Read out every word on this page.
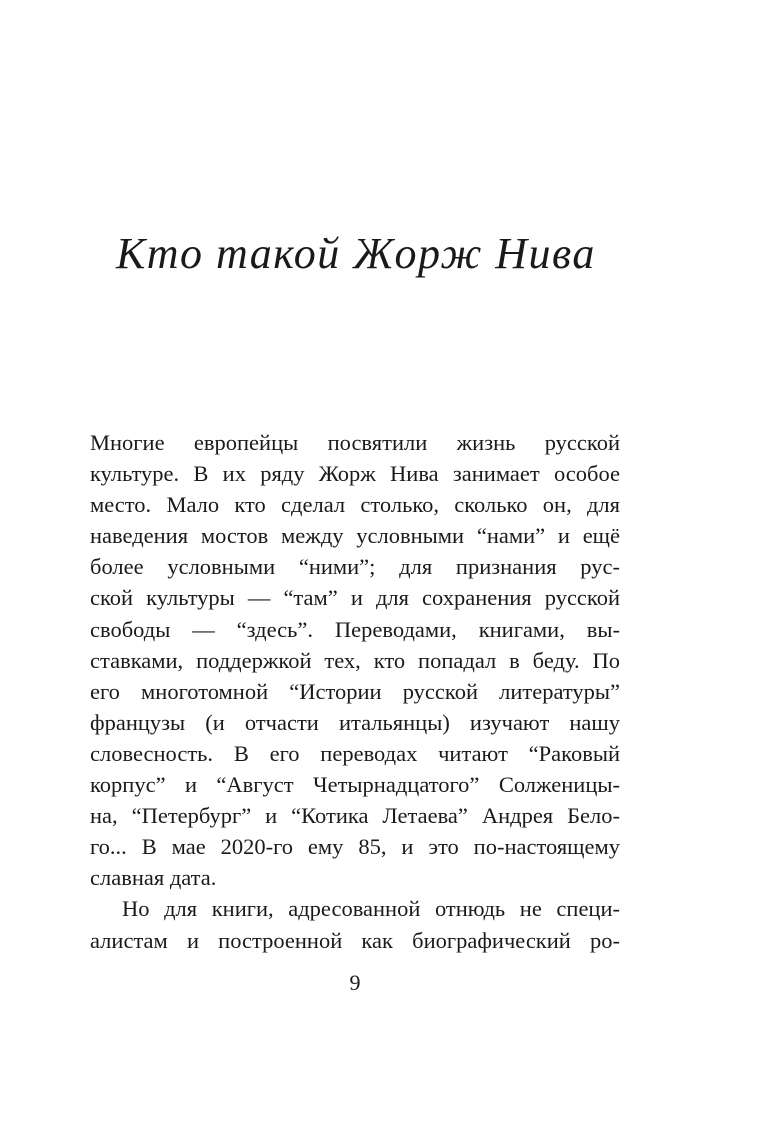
Кто такой Жорж Нива
Многие европейцы посвятили жизнь русской
культуре. В их ряду Жорж Нива занимает особое
место. Мало кто сделал столько, сколько он, для
наведения мостов между условными “нами” и ещё
более условными “ними”; для признания рус-
ской культуры — “там” и для сохранения русской
свободы — “здесь”. Переводами, книгами, вы-
ставками, поддержкой тех, кто попадал в беду. По
его многотомной “Истории русской литературы”
французы (и отчасти итальянцы) изучают нашу
словесность. В его переводах читают “Раковый
корпус” и “Август Четырнадцатого” Солженицы-
на, “Петербург” и “Котика Летаева” Андрея Бело-
го... В мае 2020-го ему 85, и это по-настоящему
славная дата.
Но для книги, адресованной отнюдь не специ-
алистам и построенной как биографический ро-
9
